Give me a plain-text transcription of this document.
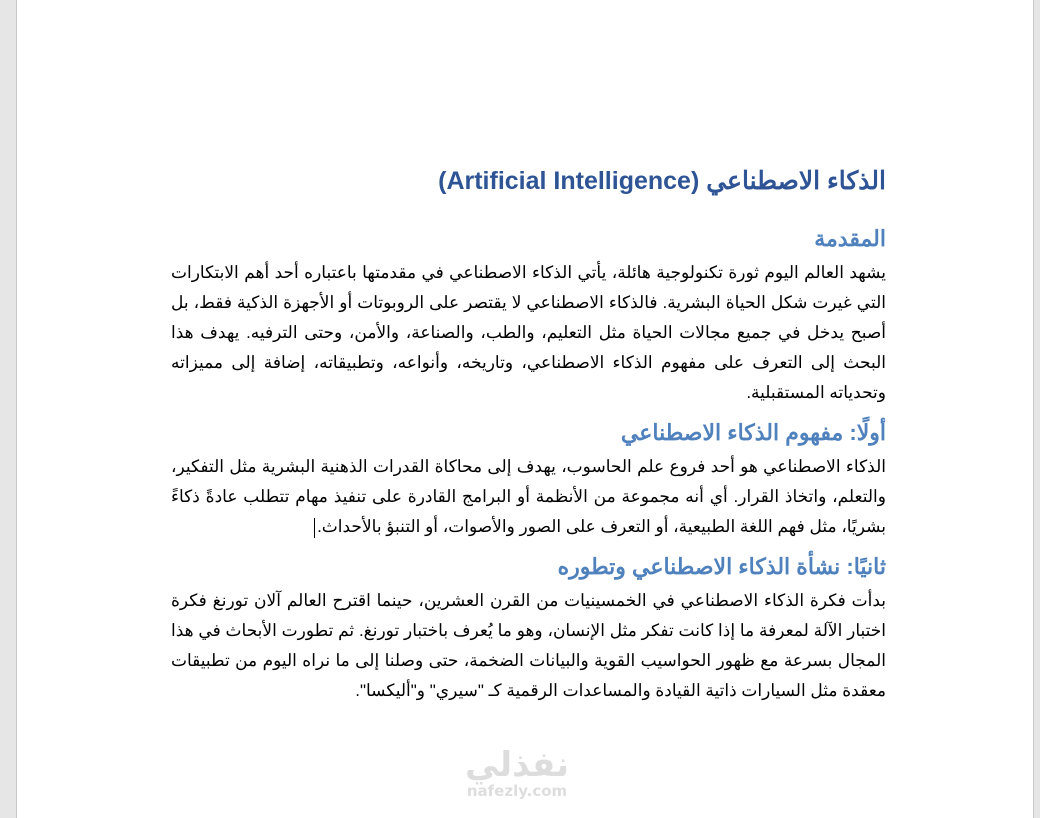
الذكاء الاصطناعي (Artificial Intelligence)
المقدمة

يشهد العالم اليوم ثورة تكنولوجية هائلة، يأتي الذكاء الاصطناعي في مقدمتها باعتباره أحد أهم الابتكارات التي غيرت شكل الحياة البشرية. فالذكاء الاصطناعي لا يقتصر على الروبوتات أو الأجهزة الذكية فقط، بل أصبح يدخل في جميع مجالات الحياة مثل التعليم، والطب، والصناعة، والأمن، وحتى الترفيه. يهدف هذا البحث إلى التعرف على مفهوم الذكاء الاصطناعي، وتاريخه، وأنواعه، وتطبيقاته، إضافة إلى مميزاته وتحدياته المستقبلية.

أولًا: مفهوم الذكاء الاصطناعي

الذكاء الاصطناعي هو أحد فروع علم الحاسوب، يهدف إلى محاكاة القدرات الذهنية البشرية مثل التفكير، والتعلم، واتخاذ القرار. أي أنه مجموعة من الأنظمة أو البرامج القادرة على تنفيذ مهام تتطلب عادةً ذكاءً بشريًا، مثل فهم اللغة الطبيعية، أو التعرف على الصور والأصوات، أو التنبؤ بالأحداث.

ثانيًا: نشأة الذكاء الاصطناعي وتطوره

بدأت فكرة الذكاء الاصطناعي في الخمسينيات من القرن العشرين، حينما اقترح العالم آلان تورنغ فكرة اختبار الآلة لمعرفة ما إذا كانت تفكر مثل الإنسان، وهو ما يُعرف باختبار تورنغ. ثم تطورت الأبحاث في هذا المجال بسرعة مع ظهور الحواسيب القوية والبيانات الضخمة، حتى وصلنا إلى ما نراه اليوم من تطبيقات معقدة مثل السيارات ذاتية القيادة والمساعدات الرقمية كـ "سيري" و"أليكسا".

نفذلي
nafezly.com
